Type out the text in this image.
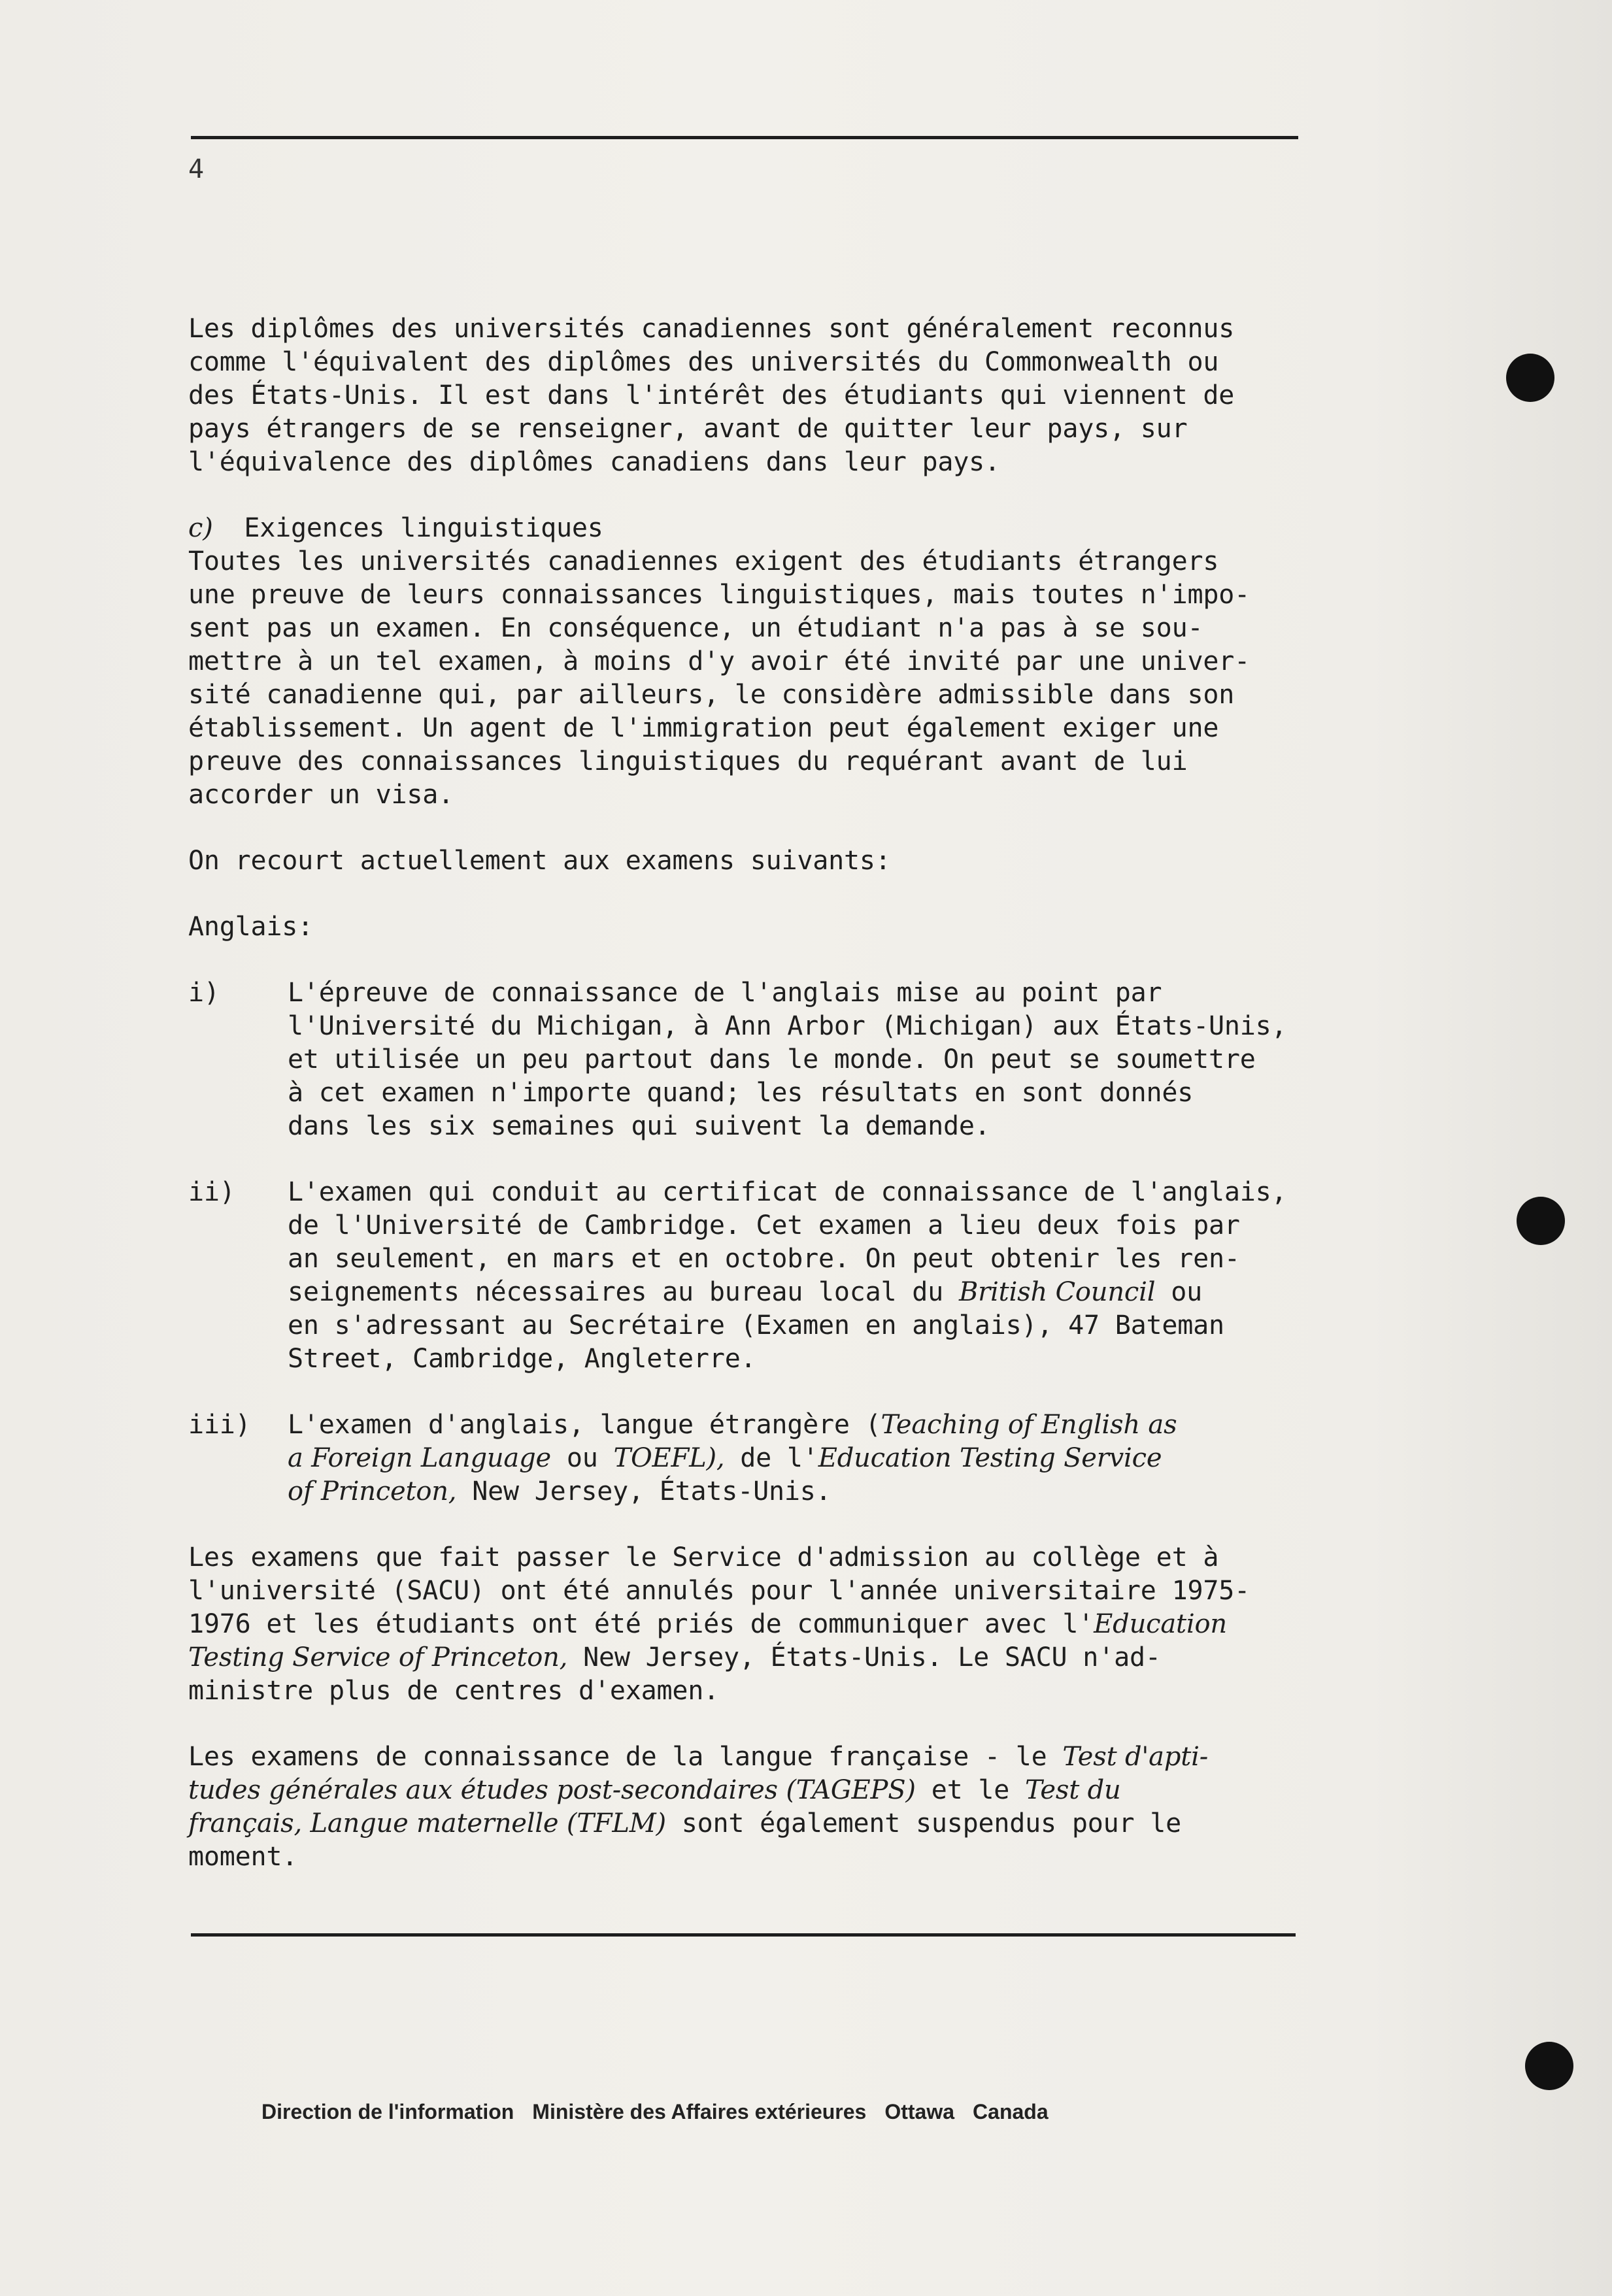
4

Les diplômes des universités canadiennes sont généralement reconnus
comme l'équivalent des diplômes des universités du Commonwealth ou
des États-Unis. Il est dans l'intérêt des étudiants qui viennent de
pays étrangers de se renseigner, avant de quitter leur pays, sur
l'équivalence des diplômes canadiens dans leur pays.

c) Exigences linguistiques

Toutes les universités canadiennes exigent des étudiants étrangers
une preuve de leurs connaissances linguistiques, mais toutes n'impo-
sent pas un examen. En conséquence, un étudiant n'a pas à se sou-
mettre à un tel examen, à moins d'y avoir été invité par une univer-
sité canadienne qui, par ailleurs, le considère admissible dans son
établissement. Un agent de l'immigration peut également exiger une
preuve des connaissances linguistiques du requérant avant de lui
accorder un visa.

On recourt actuellement aux examens suivants:

Anglais:

i)	L'épreuve de connaissance de l'anglais mise au point par
l'Université du Michigan, à Ann Arbor (Michigan) aux États-Unis,
et utilisée un peu partout dans le monde. On peut se soumettre
à cet examen n'importe quand; les résultats en sont donnés
dans les six semaines qui suivent la demande.
ii) L'examen qui conduit au certificat de connaissance de l'anglais,
de l'Université de Cambridge. Cet examen a lieu deux fois par
an seulement, en mars et en octobre. On peut obtenir les ren-
seignements nécessaires au bureau local du British Council ou
en s'adressant au Secrétaire (Examen en anglais), 47 Bateman
Street, Cambridge, Angleterre.
iii) L'examen d'anglais, langue étrangère (Teaching of English as
a Foreign Language ou TOEFL), de l'Education Testing Service
of Princeton, New Jersey, États-Unis.

Les examens que fait passer le Service d'admission au collège et à
l'université (SACU) ont été annulés pour l'année universitaire 1975-
1976 et les étudiants ont été priés de communiquer avec l'Education
Testing Service of Princeton, New Jersey, États-Unis. Le SACU n'ad-
ministre plus de centres d'examen.

Les examens de connaissance de la langue française - le Test d'apti-
tudes générales aux études post-secondaires (TAGEPS) et le Test du
français, Langue maternelle (TFLM) sont également suspendus pour le
moment.

Direction de l'information Ministère des Affaires extérieures Ottawa Canada
